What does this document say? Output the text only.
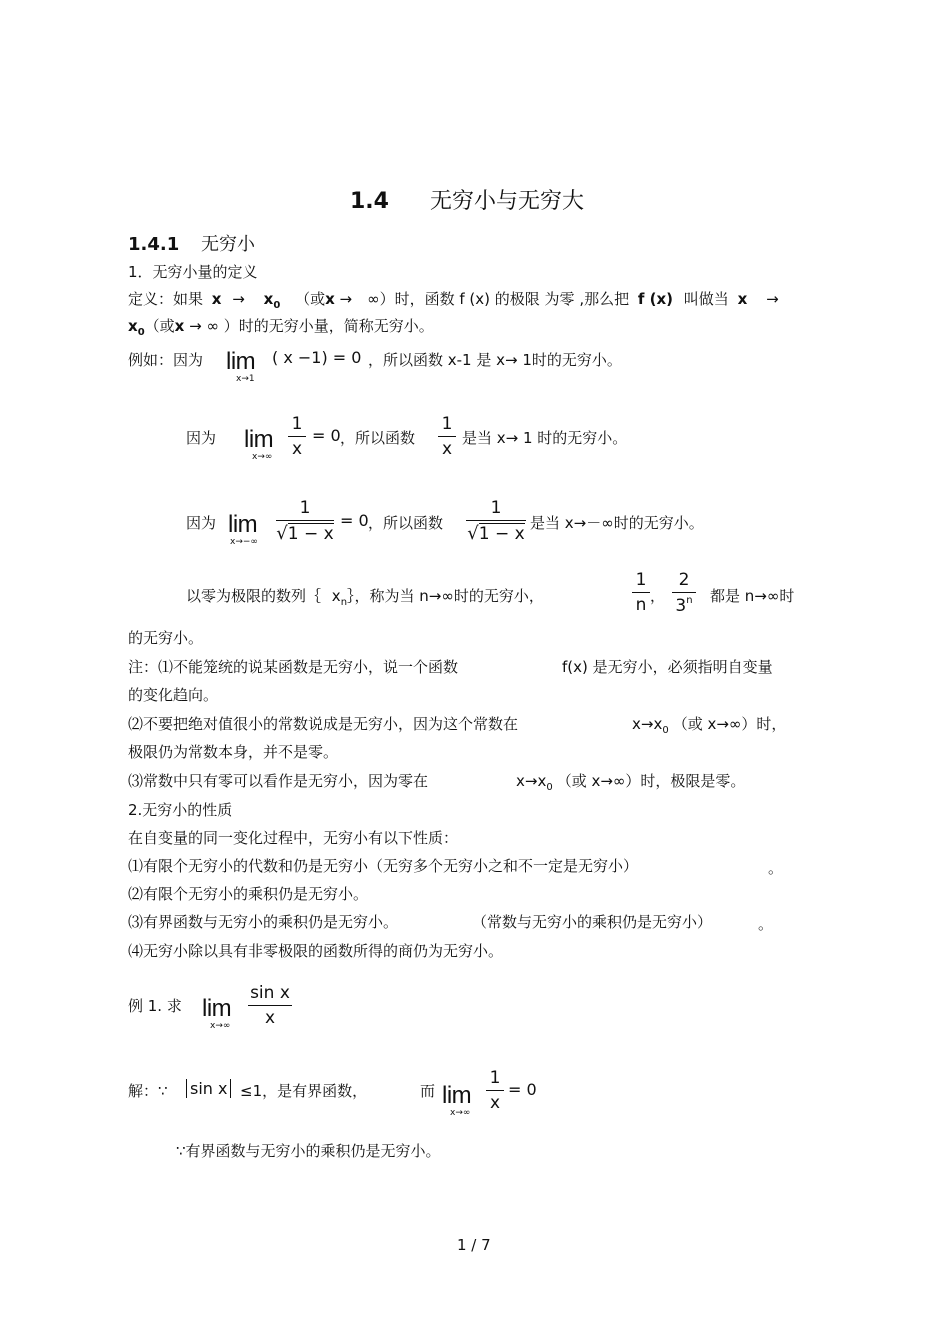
1.4 无穷小与无穷大
1.4.1 无穷小
1．无穷小量的定义
定义：如果 $x \to x_0$ （或x →　∞）时，函数 f (x) 的极限 为零 ,那么把 f (x) 叫做当 x →
$x_0$（或x → ∞ ）时的无穷小量，简称无穷小。
例如：因为 lim
x→1
( x −1) = 0 ，所以函数 x-1 是 x→ 1时的无穷小。
因为 lim
x→∞
1
x
= 0 ，所以函数
1
x
是当 x→ 1 时的无穷小。
因为 lim
x→−∞
1
√1 − x
= 0 ，所以函数
1
√1 − x
是当 x→－∞时的无穷小。
以零为极限的数列｛ $x_n\}$，称为当 n→∞时的无穷小，
1
n ，
2
3$^n$ 都是 n→∞时
的无穷小。
注：⑴不能笼统的说某函数是无穷小，说一个函数	f(x) 是无穷小，必须指明自变量
的变化趋向。
⑵不要把绝对值很小的常数说成是无穷小，因为这个常数在	$x\to x_0$ （或 x→∞）时，
极限仍为常数本身，并不是零。
⑶常数中只有零可以看作是无穷小，因为零在	$x\to x_0$ （或 x→∞）时，极限是零。
2.无穷小的性质
在自变量的同一变化过程中，无穷小有以下性质：
⑴有限个无穷小的代数和仍是无穷小（无穷多个无穷小之和不一定是无穷小）	。
⑵有限个无穷小的乘积仍是无穷小。
⑶有界函数与无穷小的乘积仍是无穷小。	（常数与无穷小的乘积仍是无穷小）	。
⑷无穷小除以具有非零极限的函数所得的商仍为无穷小。
例 1. 求 lim
x→∞
sin x
x
解：∵ sin x ≤1，是有界函数，	而 lim
x→∞
1
x
= 0
∵有界函数与无穷小的乘积仍是无穷小。
1 / 7
